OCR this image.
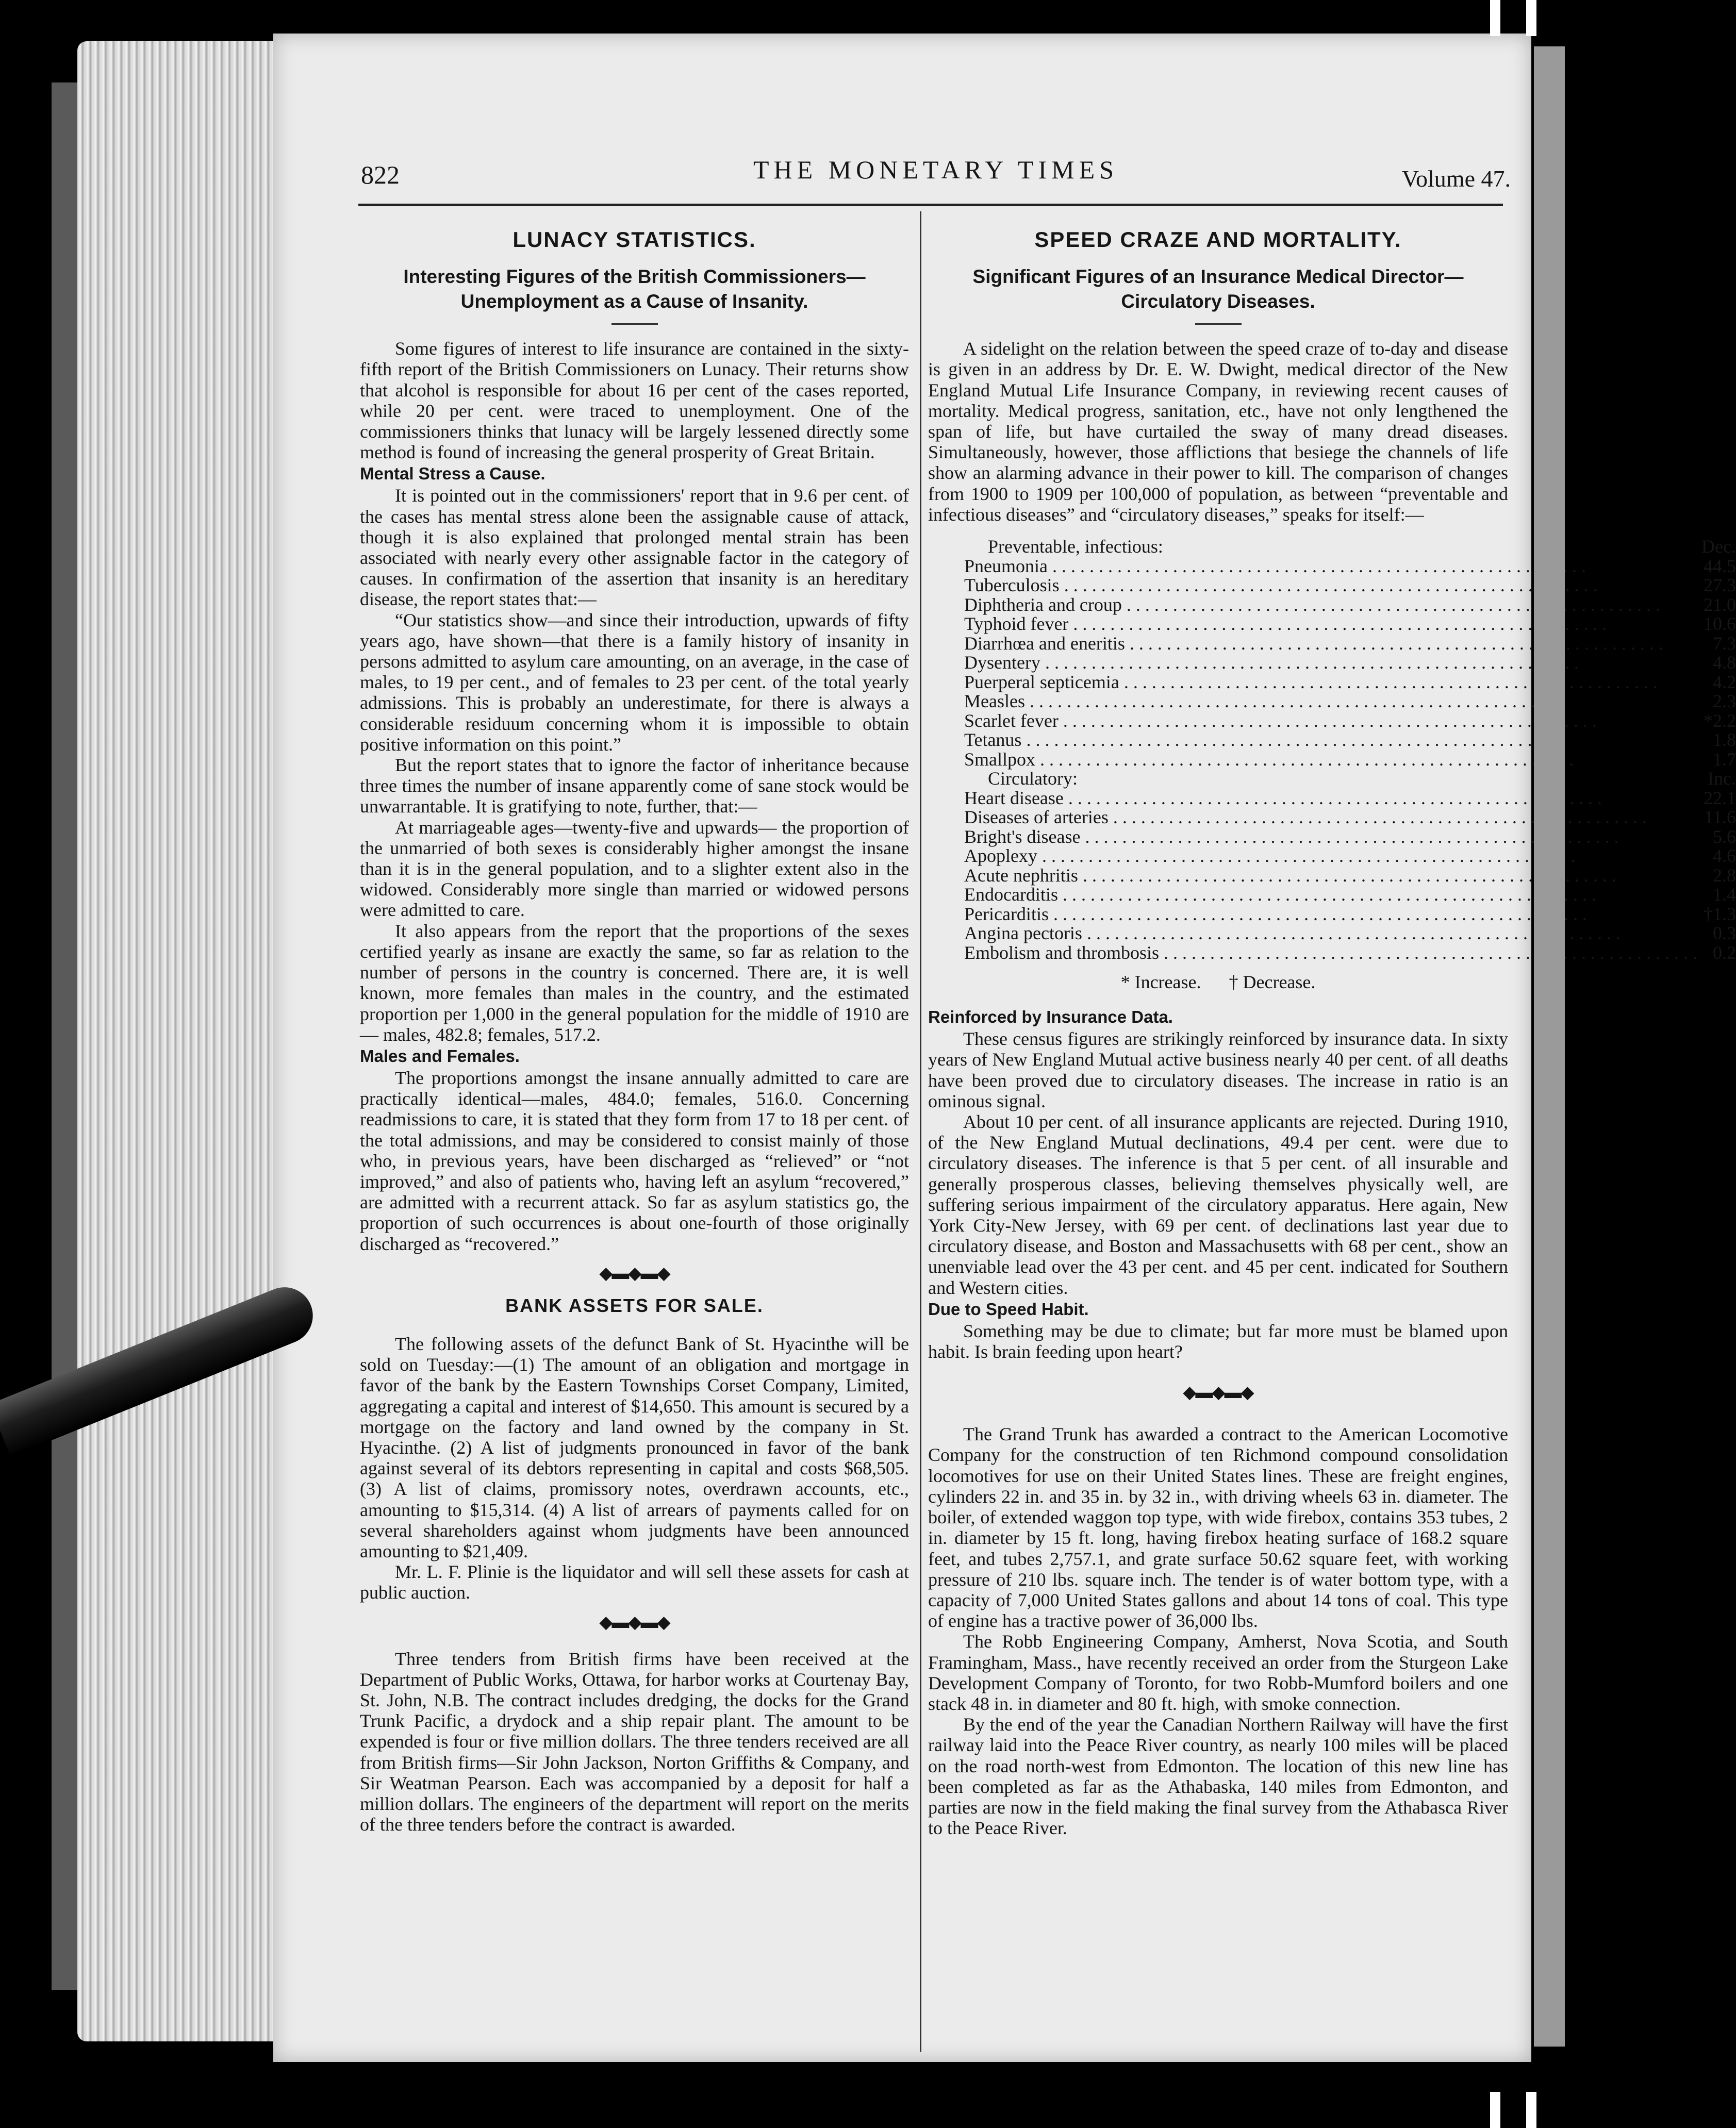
822	THE MONETARY TIMES	Volume 47.
LUNACY STATISTICS.
Interesting Figures of the British Commissioners— Unemployment as a Cause of Insanity.

Some figures of interest to life insurance are contained in the sixty-fifth report of the British Commissioners on Lunacy. Their returns show that alcohol is responsible for about 16 per cent of the cases reported, while 20 per cent. were traced to unemployment. One of the commissioners thinks that lunacy will be largely lessened directly some method is found of increasing the general prosperity of Great Britain.

Mental Stress a Cause.

It is pointed out in the commissioners' report that in 9.6 per cent. of the cases has mental stress alone been the assignable cause of attack, though it is also explained that prolonged mental strain has been associated with nearly every other assignable factor in the category of causes. In confirmation of the assertion that insanity is an hereditary disease, the report states that:—

“Our statistics show—and since their introduction, upwards of fifty years ago, have shown—that there is a family history of insanity in persons admitted to asylum care amounting, on an average, in the case of males, to 19 per cent., and of females to 23 per cent. of the total yearly admissions. This is probably an underestimate, for there is always a considerable residuum concerning whom it is impossible to obtain positive information on this point.”

But the report states that to ignore the factor of inheritance because three times the number of insane apparently come of sane stock would be unwarrantable. It is gratifying to note, further, that:—

At marriageable ages—twenty-five and upwards— the proportion of the unmarried of both sexes is considerably higher amongst the insane than it is in the general population, and to a slighter extent also in the widowed. Considerably more single than married or widowed persons were admitted to care.

It also appears from the report that the proportions of the sexes certified yearly as insane are exactly the same, so far as relation to the number of persons in the country is concerned. There are, it is well known, more females than males in the country, and the estimated proportion per 1,000 in the general population for the middle of 1910 are— males, 482.8; females, 517.2.

Males and Females.

The proportions amongst the insane annually admitted to care are practically identical—males, 484.0; females, 516.0. Concerning readmissions to care, it is stated that they form from 17 to 18 per cent. of the total admissions, and may be considered to consist mainly of those who, in previous years, have been discharged as “relieved” or “not improved,” and also of patients who, having left an asylum “recovered,” are admitted with a recurrent attack. So far as asylum statistics go, the proportion of such occurrences is about one-fourth of those originally discharged as “recovered.”

◆▬◆▬◆
BANK ASSETS FOR SALE.

The following assets of the defunct Bank of St. Hyacinthe will be sold on Tuesday:—(1) The amount of an obligation and mortgage in favor of the bank by the Eastern Townships Corset Company, Limited, aggregating a capital and interest of $14,650. This amount is secured by a mortgage on the factory and land owned by the company in St. Hyacinthe. (2) A list of judgments pronounced in favor of the bank against several of its debtors representing in capital and costs $68,505. (3) A list of claims, promissory notes, overdrawn accounts, etc., amounting to $15,314. (4) A list of arrears of payments called for on several shareholders against whom judgments have been announced amounting to $21,409.

Mr. L. F. Plinie is the liquidator and will sell these assets for cash at public auction.

◆▬◆▬◆

Three tenders from British firms have been received at the Department of Public Works, Ottawa, for harbor works at Courtenay Bay, St. John, N.B. The contract includes dredging, the docks for the Grand Trunk Pacific, a drydock and a ship repair plant. The amount to be expended is four or five million dollars. The three tenders received are all from British firms—Sir John Jackson, Norton Griffiths & Company, and Sir Weatman Pearson. Each was accompanied by a deposit for half a million dollars. The engineers of the department will report on the merits of the three tenders before the contract is awarded.

SPEED CRAZE AND MORTALITY.
Significant Figures of an Insurance Medical Director— Circulatory Diseases.

A sidelight on the relation between the speed craze of to-day and disease is given in an address by Dr. E. W. Dwight, medical director of the New England Mutual Life Insurance Company, in reviewing recent causes of mortality. Medical progress, sanitation, etc., have not only lengthened the span of life, but have curtailed the sway of many dread diseases. Simultaneously, however, those afflictions that besiege the channels of life show an alarming advance in their power to kill. The comparison of changes from 1900 to 1909 per 100,000 of population, as between “preventable and infectious diseases” and “circulatory diseases,” speaks for itself:—

Preventable, infectious:	Dec.

Pneumonia . . .	44.5

Tuberculosis . . .	27.3

Diphtheria and croup . . .	21.0

Typhoid fever . . .	10.6

Diarrhœa and eneritis . . .	7.3

Dysentery . . .	4.8

Puerperal septicemia . . .	4.2

Measles . . .	2.3

Scarlet fever . . .	*2.2

Tetanus . . .	1.8

Smallpox . . .	1.7
Circulatory:	Inc.

Heart disease . . .	22.1

Diseases of arteries . . .	11.6

Bright's disease . . .	5.6

Apoplexy . . .	4.6

Acute nephritis . . .	2.8

Endocarditis . . .	1.4

Pericarditis . . .	†1.3

Angina pectoris . . .	0.3

Embolism and thrombosis . . .	0.2
* Increase.      † Decrease.
Reinforced by Insurance Data.

These census figures are strikingly reinforced by insurance data. In sixty years of New England Mutual active business nearly 40 per cent. of all deaths have been proved due to circulatory diseases. The increase in ratio is an ominous signal.

About 10 per cent. of all insurance applicants are rejected. During 1910, of the New England Mutual declinations, 49.4 per cent. were due to circulatory diseases. The inference is that 5 per cent. of all insurable and generally prosperous classes, believing themselves physically well, are suffering serious impairment of the circulatory apparatus. Here again, New York City-New Jersey, with 69 per cent. of declinations last year due to circulatory disease, and Boston and Massachusetts with 68 per cent., show an unenviable lead over the 43 per cent. and 45 per cent. indicated for Southern and Western cities.

Due to Speed Habit.

Something may be due to climate; but far more must be blamed upon habit. Is brain feeding upon heart?

◆▬◆▬◆

The Grand Trunk has awarded a contract to the American Locomotive Company for the construction of ten Richmond compound consolidation locomotives for use on their United States lines. These are freight engines, cylinders 22 in. and 35 in. by 32 in., with driving wheels 63 in. diameter. The boiler, of extended waggon top type, with wide firebox, contains 353 tubes, 2 in. diameter by 15 ft. long, having firebox heating surface of 168.2 square feet, and tubes 2,757.1, and grate surface 50.62 square feet, with working pressure of 210 lbs. square inch. The tender is of water bottom type, with a capacity of 7,000 United States gallons and about 14 tons of coal. This type of engine has a tractive power of 36,000 lbs.

The Robb Engineering Company, Amherst, Nova Scotia, and South Framingham, Mass., have recently received an order from the Sturgeon Lake Development Company of Toronto, for two Robb-Mumford boilers and one stack 48 in. in diameter and 80 ft. high, with smoke connection.

By the end of the year the Canadian Northern Railway will have the first railway laid into the Peace River country, as nearly 100 miles will be placed on the road north-west from Edmonton. The location of this new line has been completed as far as the Athabaska, 140 miles from Edmonton, and parties are now in the field making the final survey from the Athabasca River to the Peace River.
